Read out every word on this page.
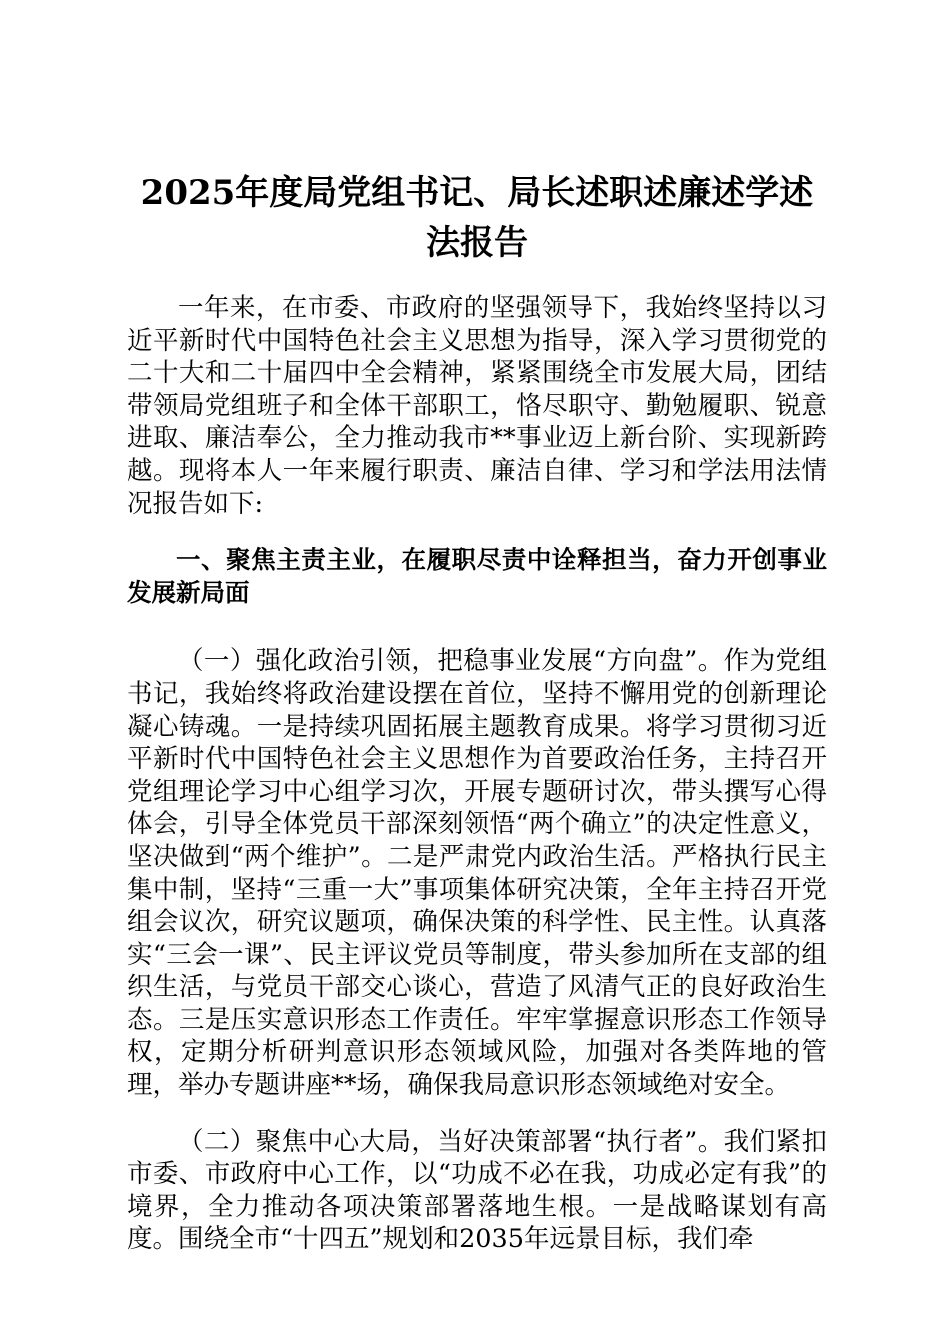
2025年度局党组书记、局长述职述廉述学述
法报告

一年来，在市委、市政府的坚强领导下，我始终坚持以习近平新时代中国特色社会主义思想为指导，深入学习贯彻党的二十大和二十届四中全会精神，紧紧围绕全市发展大局，团结带领局党组班子和全体干部职工，恪尽职守、勤勉履职、锐意进取、廉洁奉公，全力推动我市**事业迈上新台阶、实现新跨越。现将本人一年来履行职责、廉洁自律、学习和学法用法情况报告如下:

一、聚焦主责主业，在履职尽责中诠释担当，奋力开创事业发展新局面

（一）强化政治引领，把稳事业发展“方向盘”。作为党组书记，我始终将政治建设摆在首位，坚持不懈用党的创新理论凝心铸魂。一是持续巩固拓展主题教育成果。将学习贯彻习近平新时代中国特色社会主义思想作为首要政治任务，主持召开党组理论学习中心组学习次，开展专题研讨次，带头撰写心得体会，引导全体党员干部深刻领悟“两个确立”的决定性意义，坚决做到“两个维护”。二是严肃党内政治生活。严格执行民主集中制，坚持“三重一大”事项集体研究决策，全年主持召开党组会议次，研究议题项，确保决策的科学性、民主性。认真落实“三会一课”、民主评议党员等制度，带头参加所在支部的组织生活，与党员干部交心谈心，营造了风清气正的良好政治生态。三是压实意识形态工作责任。牢牢掌握意识形态工作领导权，定期分析研判意识形态领域风险，加强对各类阵地的管理，举办专题讲座**场，确保我局意识形态领域绝对安全。

（二）聚焦中心大局，当好决策部署“执行者”。我们紧扣市委、市政府中心工作，以“功成不必在我，功成必定有我”的境界，全力推动各项决策部署落地生根。一是战略谋划有高度。围绕全市“十四五”规划和2035年远景目标，我们牵
